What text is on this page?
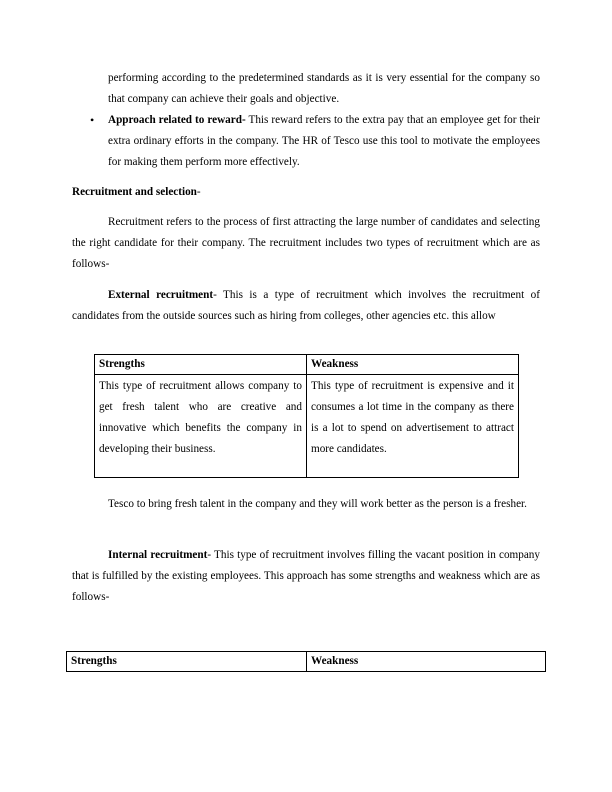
performing according to the predetermined standards as it is very essential for the company so that company can achieve their goals and objective.

• Approach related to reward- This reward refers to the extra pay that an employee get for their extra ordinary efforts in the company. The HR of Tesco use this tool to motivate the employees for making them perform more effectively.

Recruitment and selection-

Recruitment refers to the process of first attracting the large number of candidates and selecting the right candidate for their company. The recruitment includes two types of recruitment which are as follows-

External recruitment- This is a type of recruitment which involves the recruitment of candidates from the outside sources such as hiring from colleges, other agencies etc. this allow

Strengths	Weakness
This type of recruitment allows company to get fresh talent who are creative and innovative which benefits the company in developing their business.	This type of recruitment is expensive and it consumes a lot time in the company as there is a lot to spend on advertisement to attract more candidates.

Tesco to bring fresh talent in the company and they will work better as the person is a fresher.

Internal recruitment- This type of recruitment involves filling the vacant position in company that is fulfilled by the existing employees. This approach has some strengths and weakness which are as follows-

Strengths	Weakness
